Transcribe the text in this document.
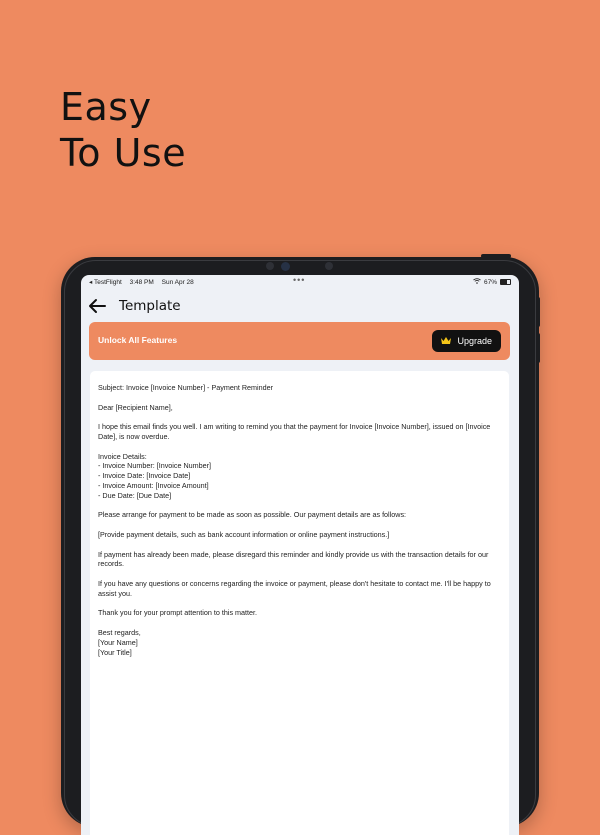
Easy
To Use
◂ TestFlight 3:48 PM Sun Apr 28	•••	67%
Template
Unlock All Features	Upgrade

Subject: Invoice [Invoice Number] - Payment Reminder

Dear [Recipient Name],

I hope this email finds you well. I am writing to remind you that the payment for Invoice [Invoice Number], issued on [Invoice Date], is now overdue.

Invoice Details:
- Invoice Number: [Invoice Number]
- Invoice Date: [Invoice Date]
- Invoice Amount: [Invoice Amount]
- Due Date: [Due Date]

Please arrange for payment to be made as soon as possible. Our payment details are as follows:

[Provide payment details, such as bank account information or online payment instructions.]

If payment has already been made, please disregard this reminder and kindly provide us with the transaction details for our records.

If you have any questions or concerns regarding the invoice or payment, please don't hesitate to contact me. I'll be happy to assist you.

Thank you for your prompt attention to this matter.

Best regards,
[Your Name]
[Your Title]
